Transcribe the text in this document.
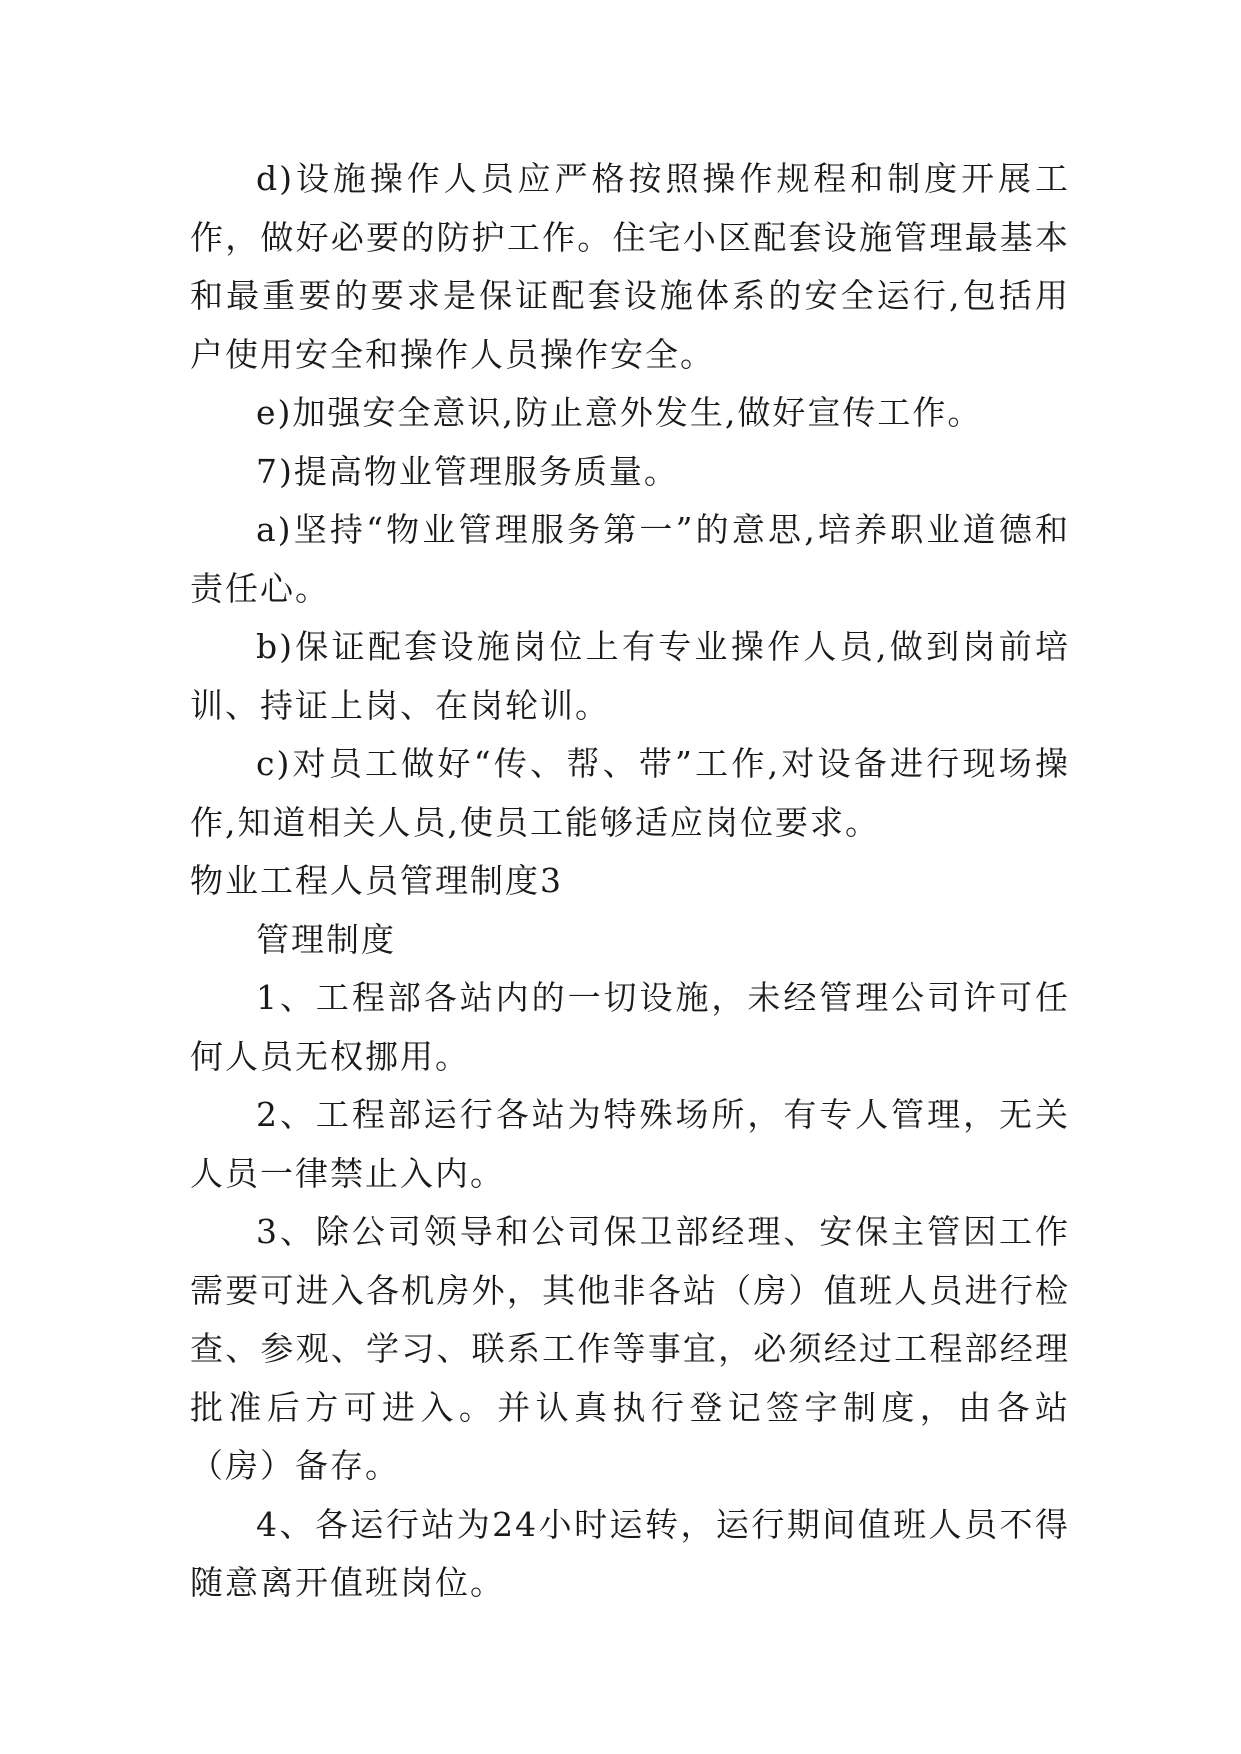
d)设施操作人员应严格按照操作规程和制度开展工作，做好必要的防护工作。住宅小区配套设施管理最基本和最重要的要求是保证配套设施体系的安全运行,包括用户使用安全和操作人员操作安全。

e)加强安全意识,防止意外发生,做好宣传工作。

7)提高物业管理服务质量。

a)坚持“物业管理服务第一”的意思,培养职业道德和责任心。

b)保证配套设施岗位上有专业操作人员,做到岗前培训、持证上岗、在岗轮训。

c)对员工做好“传、帮、带”工作,对设备进行现场操作,知道相关人员,使员工能够适应岗位要求。

物业工程人员管理制度3

管理制度

1、工程部各站内的一切设施，未经管理公司许可任何人员无权挪用。

2、工程部运行各站为特殊场所，有专人管理，无关人员一律禁止入内。

3、除公司领导和公司保卫部经理、安保主管因工作需要可进入各机房外，其他非各站（房）值班人员进行检查、参观、学习、联系工作等事宜，必须经过工程部经理批准后方可进入。并认真执行登记签字制度，由各站（房）备存。

4、各运行站为24小时运转，运行期间值班人员不得随意离开值班岗位。
